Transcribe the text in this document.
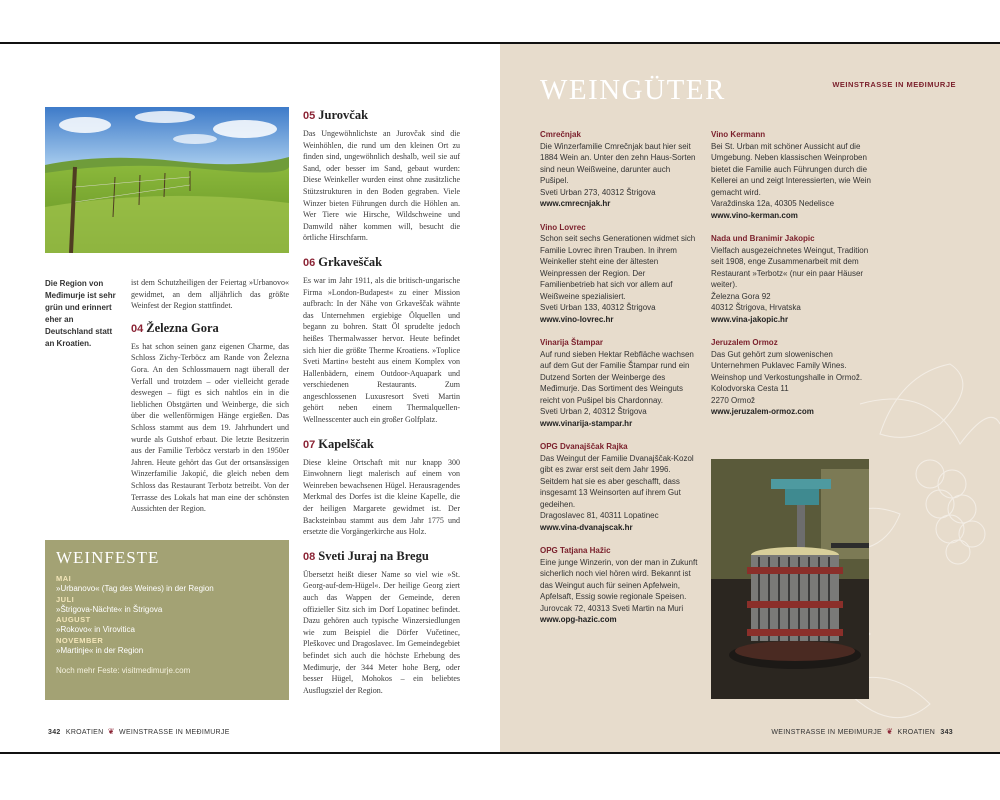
Die Region von Međimurje ist sehr grün und erinnert eher an Deutschland statt an Kroatien.

ist dem Schutzheiligen der Feiertag »Urbanovo« gewidmet, an dem alljährlich das größte Weinfest der Region stattfindet.

04 Železna Gora

Es hat schon seinen ganz eigenen Charme, das Schloss Zichy-Terböcz am Rande von Železna Gora. An den Schlossmauern nagt überall der Verfall und trotzdem – oder vielleicht gerade deswegen – fügt es sich nahtlos ein in die lieblichen Obstgärten und Weinberge, die sich über die wellenförmigen Hänge ergießen. Das Schloss stammt aus dem 19. Jahrhundert und wurde als Gutshof erbaut. Die letzte Besitzerin aus der Familie Terböcz verstarb in den 1950er Jahren. Heute gehört das Gut der ortsansässigen Winzerfamilie Jakopić, die gleich neben dem Schloss das Restaurant Terbotz betreibt. Von der Terrasse des Lokals hat man eine der schönsten Aussichten der Region.

05 Jurovčak

Das Ungewöhnlichste an Jurovčak sind die Weinhöhlen, die rund um den kleinen Ort zu finden sind, ungewöhnlich deshalb, weil sie auf Sand, oder besser im Sand, gebaut wurden: Diese Weinkeller wurden einst ohne zusätzliche Stützstrukturen in den Boden gegraben. Viele Winzer bieten Führungen durch die Höhlen an. Wer Tiere wie Hirsche, Wildschweine und Damwild näher kommen will, besucht die örtliche Hirschfarm.

06 Grkaveščak

Es war im Jahr 1911, als die britisch-ungarische Firma »London-Budapest« zu einer Mission aufbrach: In der Nähe von Grkaveščak wähnte das Unternehmen ergiebige Ölquellen und begann zu bohren. Statt Öl sprudelte jedoch heißes Thermalwasser hervor. Heute befindet sich hier die größte Therme Kroatiens. »Toplice Sveti Martin« besteht aus einem Komplex von Hallenbädern, einem Outdoor-Aquapark und verschiedenen Restaurants. Zum angeschlossenen Luxusresort Sveti Martin gehört neben einem Thermalquellen-Wellnesscenter auch ein großer Golfplatz.

07 Kapelščak

Diese kleine Ortschaft mit nur knapp 300 Einwohnern liegt malerisch auf einem von Weinreben bewachsenen Hügel. Herausragendes Merkmal des Dorfes ist die kleine Kapelle, die der heiligen Margarete gewidmet ist. Der Backsteinbau stammt aus dem Jahr 1775 und ersetzte die Vorgängerkirche aus Holz.

08 Sveti Juraj na Bregu

Übersetzt heißt dieser Name so viel wie »St. Georg-auf-dem-Hügel«. Der heilige Georg ziert auch das Wappen der Gemeinde, deren offizieller Sitz sich im Dorf Lopatinec befindet. Dazu gehören auch typische Winzersiedlungen wie zum Beispiel die Dörfer Vučetinec, Pleškovec und Dragoslavec. Im Gemeindegebiet befindet sich auch die höchste Erhebung des Međimurje, der 344 Meter hohe Berg, oder besser Hügel, Mohokos – ein beliebtes Ausflugsziel der Region.

WEINFESTE
MAI
»Urbanovo« (Tag des Weines) in der Region
JULI
»Štrigova-Nächte« in Štrigova
AUGUST
»Rokovo« in Virovitica
NOVEMBER
»Martinje« in der Region
Noch mehr Feste: visitmedimurje.com
342 KROATIEN ❦ WEINSTRASSE IN MEĐIMURJE
WEINGÜTER	WEINSTRASSE IN MEĐIMURJE
Cmrečnjak
Die Winzerfamilie Cmrečnjak baut hier seit 1884 Wein an. Unter den zehn Haus-Sorten sind neun Weißweine, darunter auch Pušipel.
Sveti Urban 273, 40312 Štrigova
www.cmrecnjak.hr
Vino Lovrec
Schon seit sechs Generationen widmet sich Familie Lovrec ihren Trauben. In ihrem Weinkeller steht eine der ältesten Weinpressen der Region. Der Familienbetrieb hat sich vor allem auf Weißweine spezialisiert.
Sveti Urban 133, 40312 Štrigova
www.vino-lovrec.hr
Vinarija Štampar
Auf rund sieben Hektar Rebfläche wachsen auf dem Gut der Familie Štampar rund ein Dutzend Sorten der Weinberge des Međimurje. Das Sortiment des Weinguts reicht von Pušipel bis Chardonnay.
Sveti Urban 2, 40312 Štrigova
www.vinarija-stampar.hr
OPG Dvanajščak Rajka
Das Weingut der Familie Dvanajščak-Kozol gibt es zwar erst seit dem Jahr 1996. Seitdem hat sie es aber geschafft, dass insgesamt 13 Weinsorten auf ihrem Gut gedeihen.
Dragoslavec 81, 40311 Lopatinec
www.vina-dvanajscak.hr
OPG Tatjana Hažic
Eine junge Winzerin, von der man in Zukunft sicherlich noch viel hören wird. Bekannt ist das Weingut auch für seinen Apfelwein, Apfelsaft, Essig sowie regionale Speisen.
Jurovcak 72, 40313 Sveti Martin na Muri
www.opg-hazic.com
Vino Kermann
Bei St. Urban mit schöner Aussicht auf die Umgebung. Neben klassischen Weinproben bietet die Familie auch Führungen durch die Kellerei an und zeigt Interessierten, wie Wein gemacht wird.
Varaždinska 12a, 40305 Nedelisce
www.vino-kerman.com
Nada und Branimir Jakopic
Vielfach ausgezeichnetes Weingut, Tradition seit 1908, enge Zusammenarbeit mit dem Restaurant »Terbotz« (nur ein paar Häuser weiter).
Železna Gora 92
40312 Štrigova, Hrvatska
www.vina-jakopic.hr
Jeruzalem Ormoz
Das Gut gehört zum slowenischen Unternehmen Puklavec Family Wines. Weinshop und Verkostungshalle in Ormož.
Kolodvorska Cesta 11
2270 Ormož
www.jeruzalem-ormoz.com
WEINSTRASSE IN MEĐIMURJE ❦ KROATIEN 343
